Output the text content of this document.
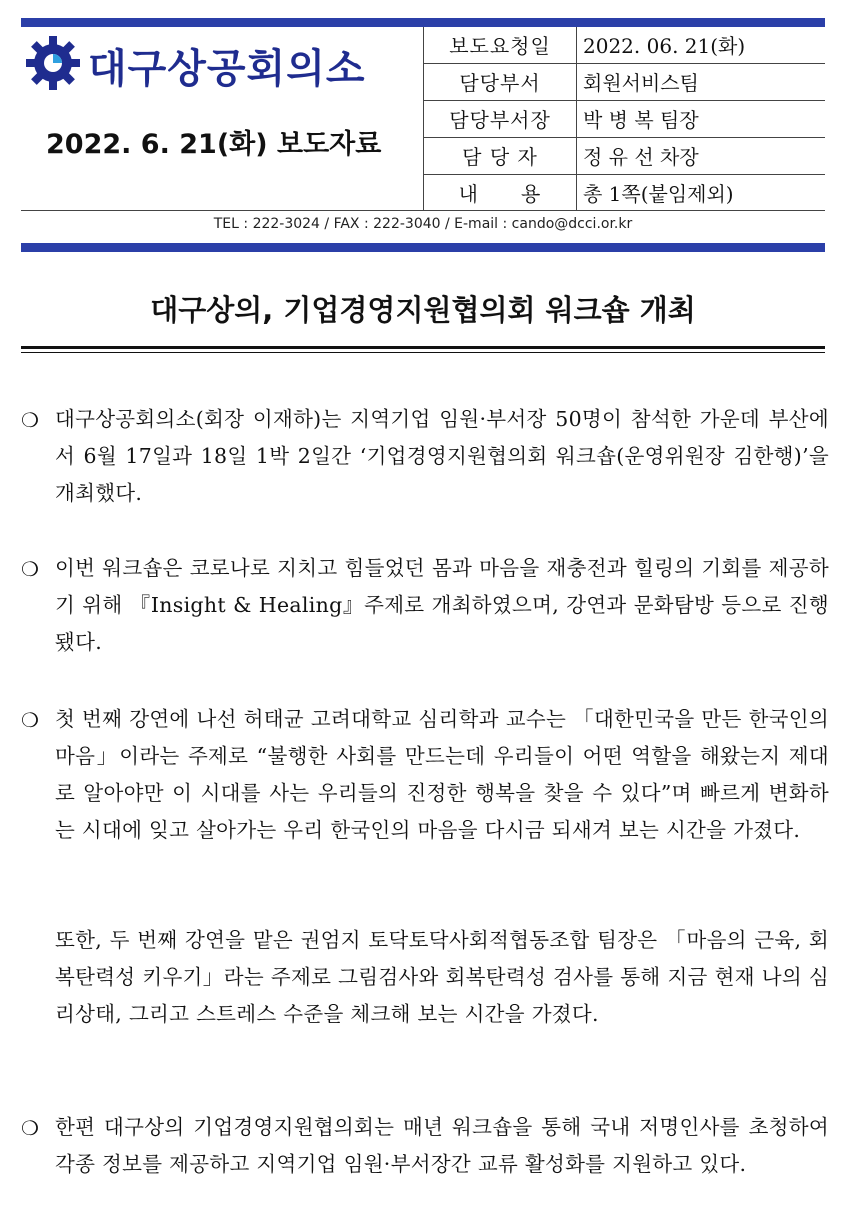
대구상공회의소
2022. 6. 21(화) 보도자료
보도요청일	2022. 06. 21(화)
담당부서	회원서비스팀
담당부서장	박 병 복 팀장
담 당 자	정 유 선 차장
내　　용	총 1쪽(붙임제외)
TEL : 222-3024 / FAX : 222-3040 / E-mail : cando@dcci.or.kr
대구상의, 기업경영지원협의회 워크숍 개최
❍ 대구상공회의소(회장 이재하)는 지역기업 임원·부서장 50명이 참석한 가운데 부산에서 6월 17일과 18일 1박 2일간 ‘기업경영지원협의회 워크숍(운영위원장 김한행)’을 개최했다.
❍ 이번 워크숍은 코로나로 지치고 힘들었던 몸과 마음을 재충전과 힐링의 기회를 제공하기 위해 『Insight & Healing』주제로 개최하였으며, 강연과 문화탐방 등으로 진행됐다.
❍ 첫 번째 강연에 나선 허태균 고려대학교 심리학과 교수는 「대한민국을 만든 한국인의 마음」이라는 주제로 “불행한 사회를 만드는데 우리들이 어떤 역할을 해왔는지 제대로 알아야만 이 시대를 사는 우리들의 진정한 행복을 찾을 수 있다”며 빠르게 변화하는 시대에 잊고 살아가는 우리 한국인의 마음을 다시금 되새겨 보는 시간을 가졌다.
또한, 두 번째 강연을 맡은 권엄지 토닥토닥사회적협동조합 팀장은 「마음의 근육, 회복탄력성 키우기」라는 주제로 그림검사와 회복탄력성 검사를 통해 지금 현재 나의 심리상태, 그리고 스트레스 수준을 체크해 보는 시간을 가졌다.
❍ 한편 대구상의 기업경영지원협의회는 매년 워크숍을 통해 국내 저명인사를 초청하여 각종 정보를 제공하고 지역기업 임원·부서장간 교류 활성화를 지원하고 있다.
